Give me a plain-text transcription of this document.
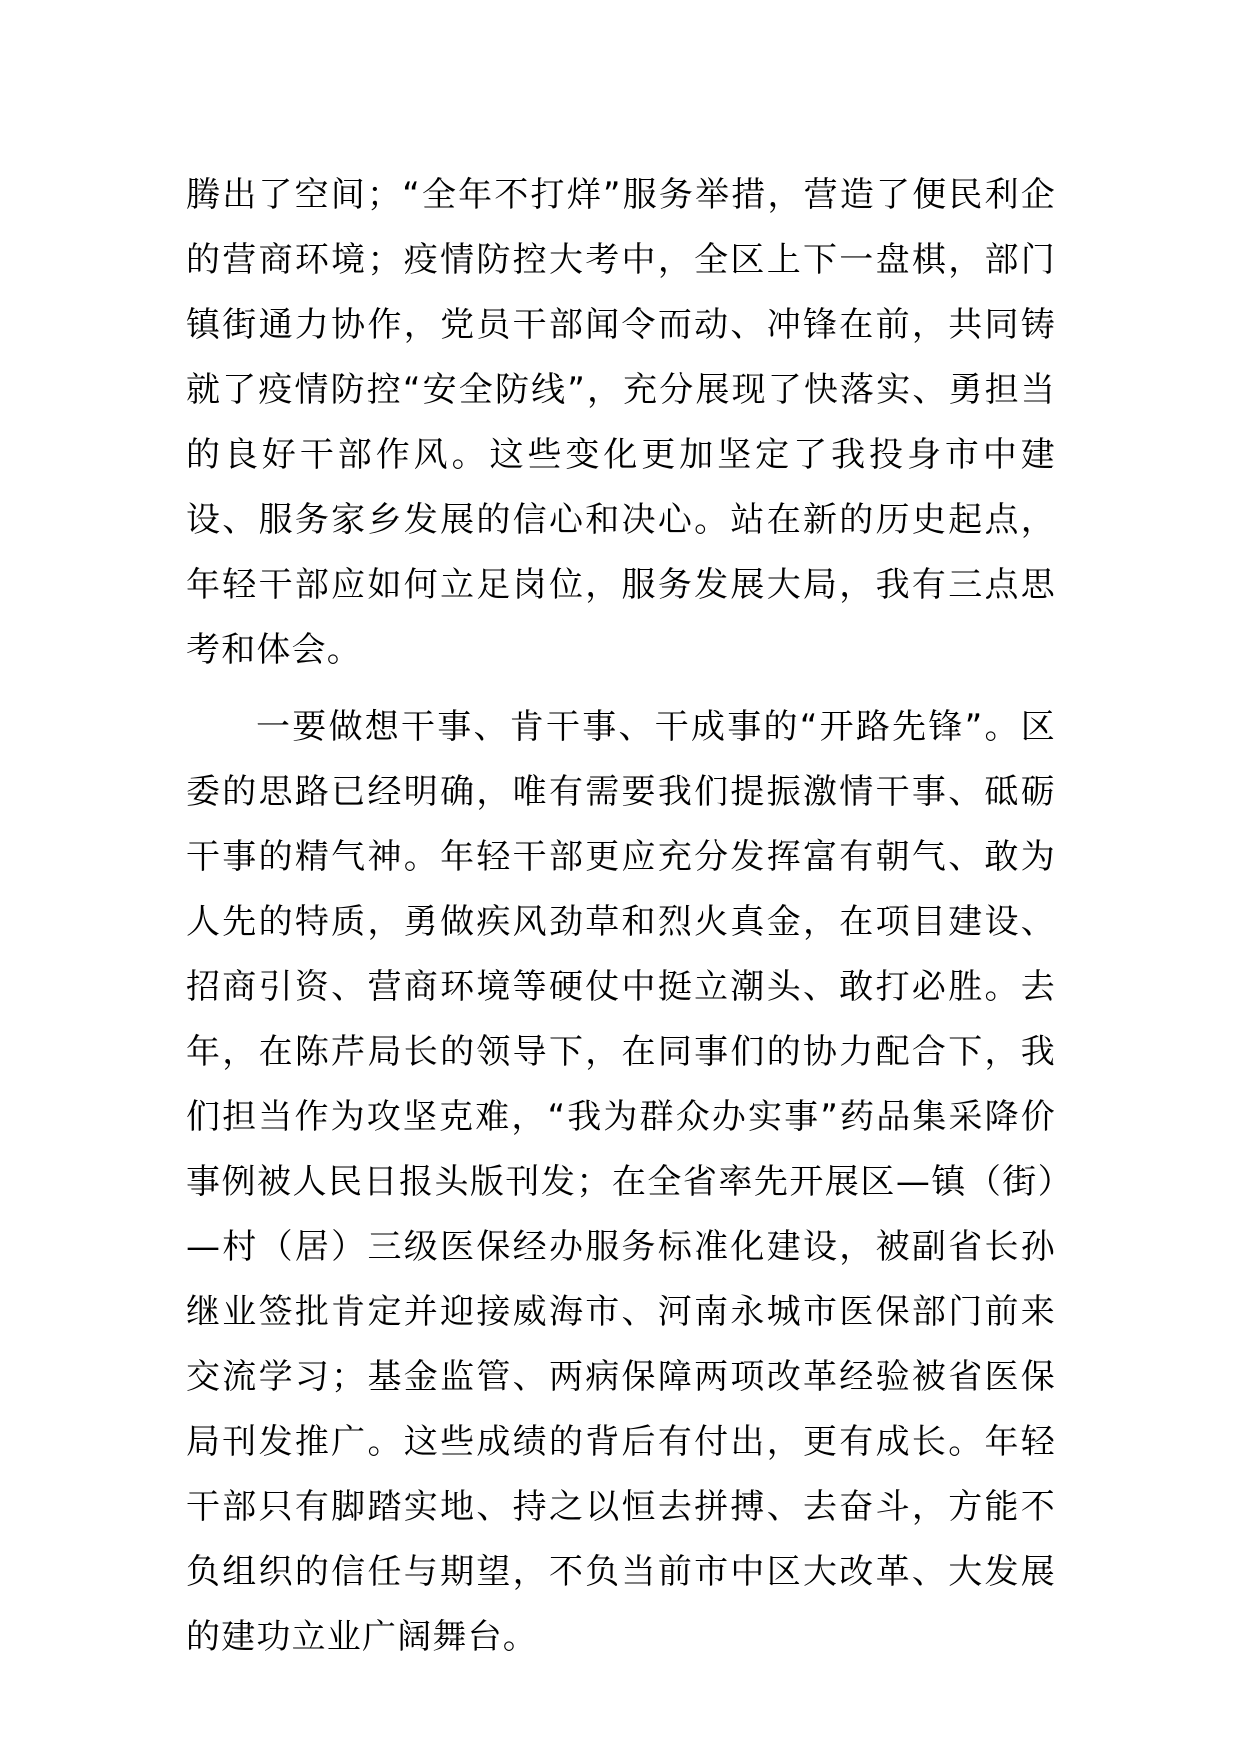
腾出了空间；“全年不打烊”服务举措，营造了便民利企的营商环境；疫情防控大考中，全区上下一盘棋，部门镇街通力协作，党员干部闻令而动、冲锋在前，共同铸就了疫情防控“安全防线”，充分展现了快落实、勇担当的良好干部作风。这些变化更加坚定了我投身市中建设、服务家乡发展的信心和决心。站在新的历史起点，年轻干部应如何立足岗位，服务发展大局，我有三点思考和体会。

一要做想干事、肯干事、干成事的“开路先锋”。区委的思路已经明确，唯有需要我们提振激情干事、砥砺干事的精气神。年轻干部更应充分发挥富有朝气、敢为人先的特质，勇做疾风劲草和烈火真金，在项目建设、招商引资、营商环境等硬仗中挺立潮头、敢打必胜。去年，在陈芹局长的领导下，在同事们的协力配合下，我们担当作为攻坚克难，“我为群众办实事”药品集采降价事例被人民日报头版刊发；在全省率先开展区—镇（街）—村（居）三级医保经办服务标准化建设，被副省长孙继业签批肯定并迎接威海市、河南永城市医保部门前来交流学习；基金监管、两病保障两项改革经验被省医保局刊发推广。这些成绩的背后有付出，更有成长。年轻干部只有脚踏实地、持之以恒去拼搏、去奋斗，方能不负组织的信任与期望，不负当前市中区大改革、大发展的建功立业广阔舞台。
